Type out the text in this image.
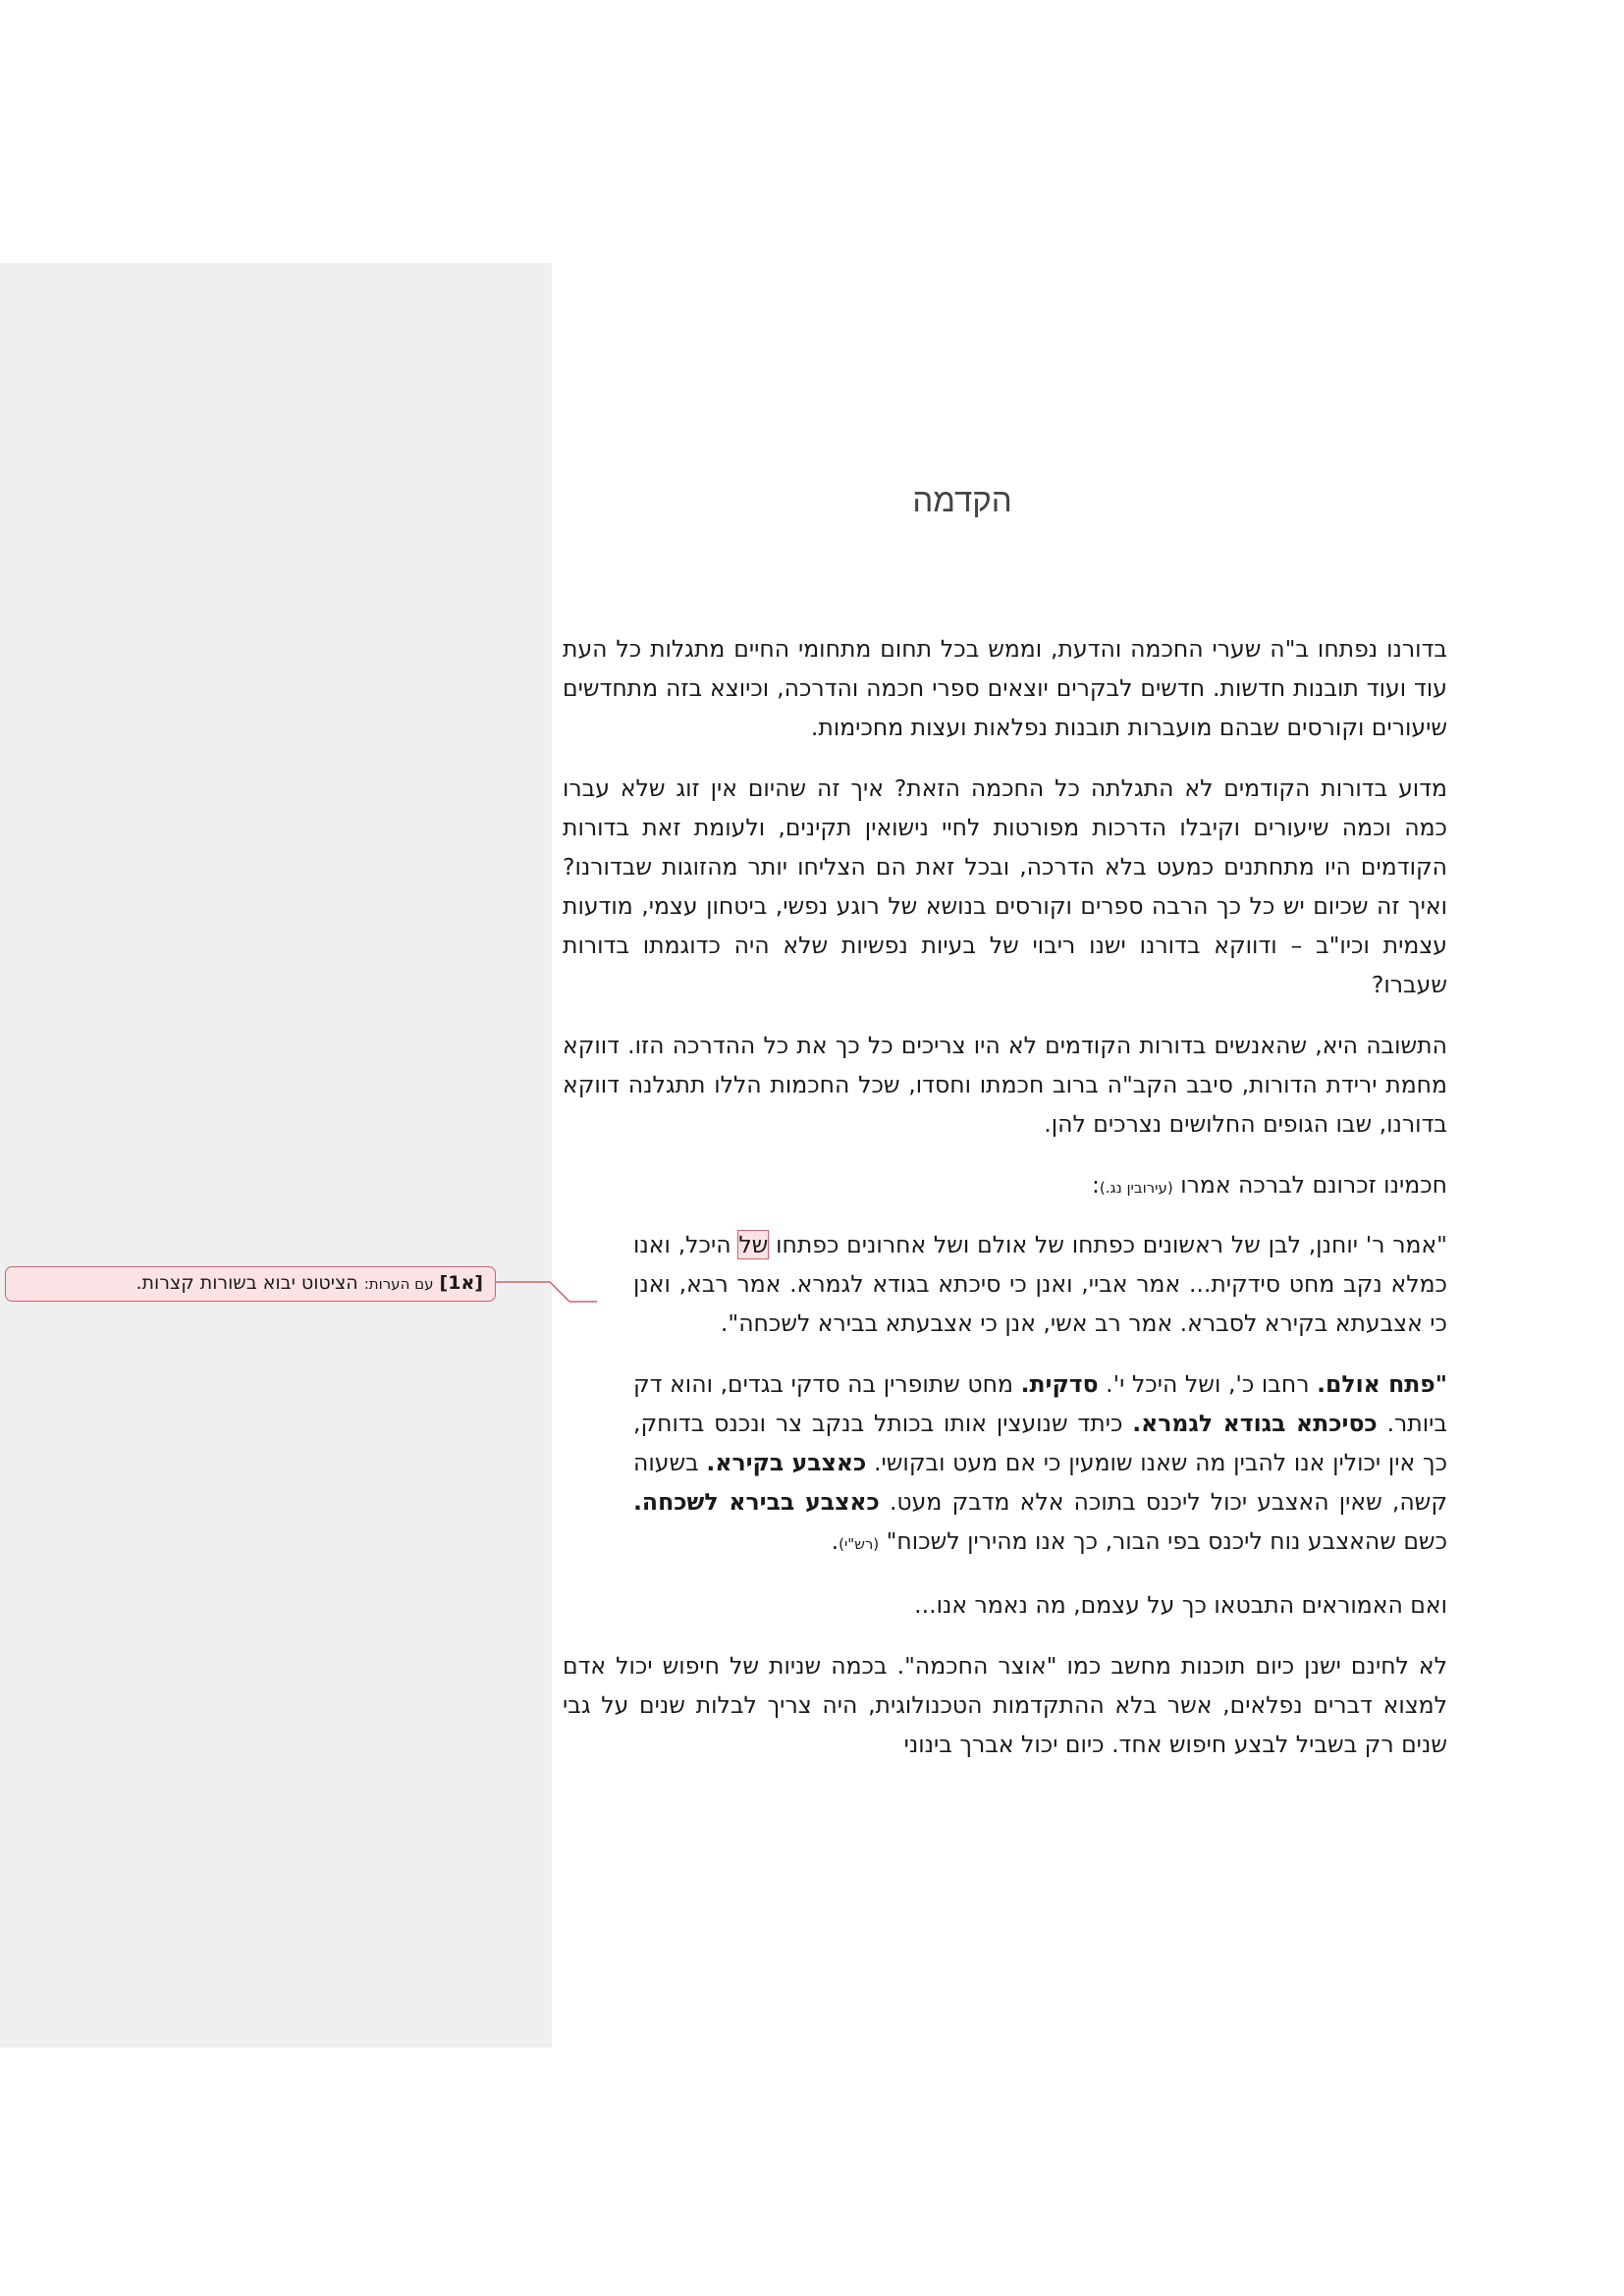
[א1] עם הערות: הציטוט יבוא בשורות קצרות.
הקדמה

בדורנו נפתחו ב"ה שערי החכמה והדעת, וממש בכל תחום מתחומי החיים מתגלות כל העת עוד ועוד תובנות חדשות. חדשים לבקרים יוצאים ספרי חכמה והדרכה, וכיוצא בזה מתחדשים שיעורים וקורסים שבהם מועברות תובנות נפלאות ועצות מחכימות.

מדוע בדורות הקודמים לא התגלתה כל החכמה הזאת? איך זה שהיום אין זוג שלא עברו כמה וכמה שיעורים וקיבלו הדרכות מפורטות לחיי נישואין תקינים, ולעומת זאת בדורות הקודמים היו מתחתנים כמעט בלא הדרכה, ובכל זאת הם הצליחו יותר מהזוגות שבדורנו? ואיך זה שכיום יש כל כך הרבה ספרים וקורסים בנושא של רוגע נפשי, ביטחון עצמי, מודעות עצמית וכיו"ב – ודווקא בדורנו ישנו ריבוי של בעיות נפשיות שלא היה כדוגמתו בדורות שעברו?

התשובה היא, שהאנשים בדורות הקודמים לא היו צריכים כל כך את כל ההדרכה הזו. דווקא מחמת ירידת הדורות, סיבב הקב"ה ברוב חכמתו וחסדו, שכל החכמות הללו תתגלנה דווקא בדורנו, שבו הגופים החלושים נצרכים להן.

חכמינו זכרונם לברכה אמרו (עירובין נג.):

"אמר ר' יוחנן, לבן של ראשונים כפתחו של אולם ושל אחרונים כפתחו של היכל, ואנו כמלא נקב מחט סידקית... אמר אביי, ואנן כי סיכתא בגודא לגמרא. אמר רבא, ואנן כי אצבעתא בקירא לסברא. אמר רב אשי, אנן כי אצבעתא בבירא לשכחה".

"פתח אולם. רחבו כ', ושל היכל י'. סדקית. מחט שתופרין בה סדקי בגדים, והוא דק ביותר. כסיכתא בגודא לגמרא. כיתד שנועצין אותו בכותל בנקב צר ונכנס בדוחק, כך אין יכולין אנו להבין מה שאנו שומעין כי אם מעט ובקושי. כאצבע בקירא. בשעוה קשה, שאין האצבע יכול ליכנס בתוכה אלא מדבק מעט. כאצבע בבירא לשכחה. כשם שהאצבע נוח ליכנס בפי הבור, כך אנו מהירין לשכוח" (רש"י).

ואם האמוראים התבטאו כך על עצמם, מה נאמר אנו...

לא לחינם ישנן כיום תוכנות מחשב כמו "אוצר החכמה". בכמה שניות של חיפוש יכול אדם למצוא דברים נפלאים, אשר בלא ההתקדמות הטכנולוגית, היה צריך לבלות שנים על גבי שנים רק בשביל לבצע חיפוש אחד. כיום יכול אברך בינוני
